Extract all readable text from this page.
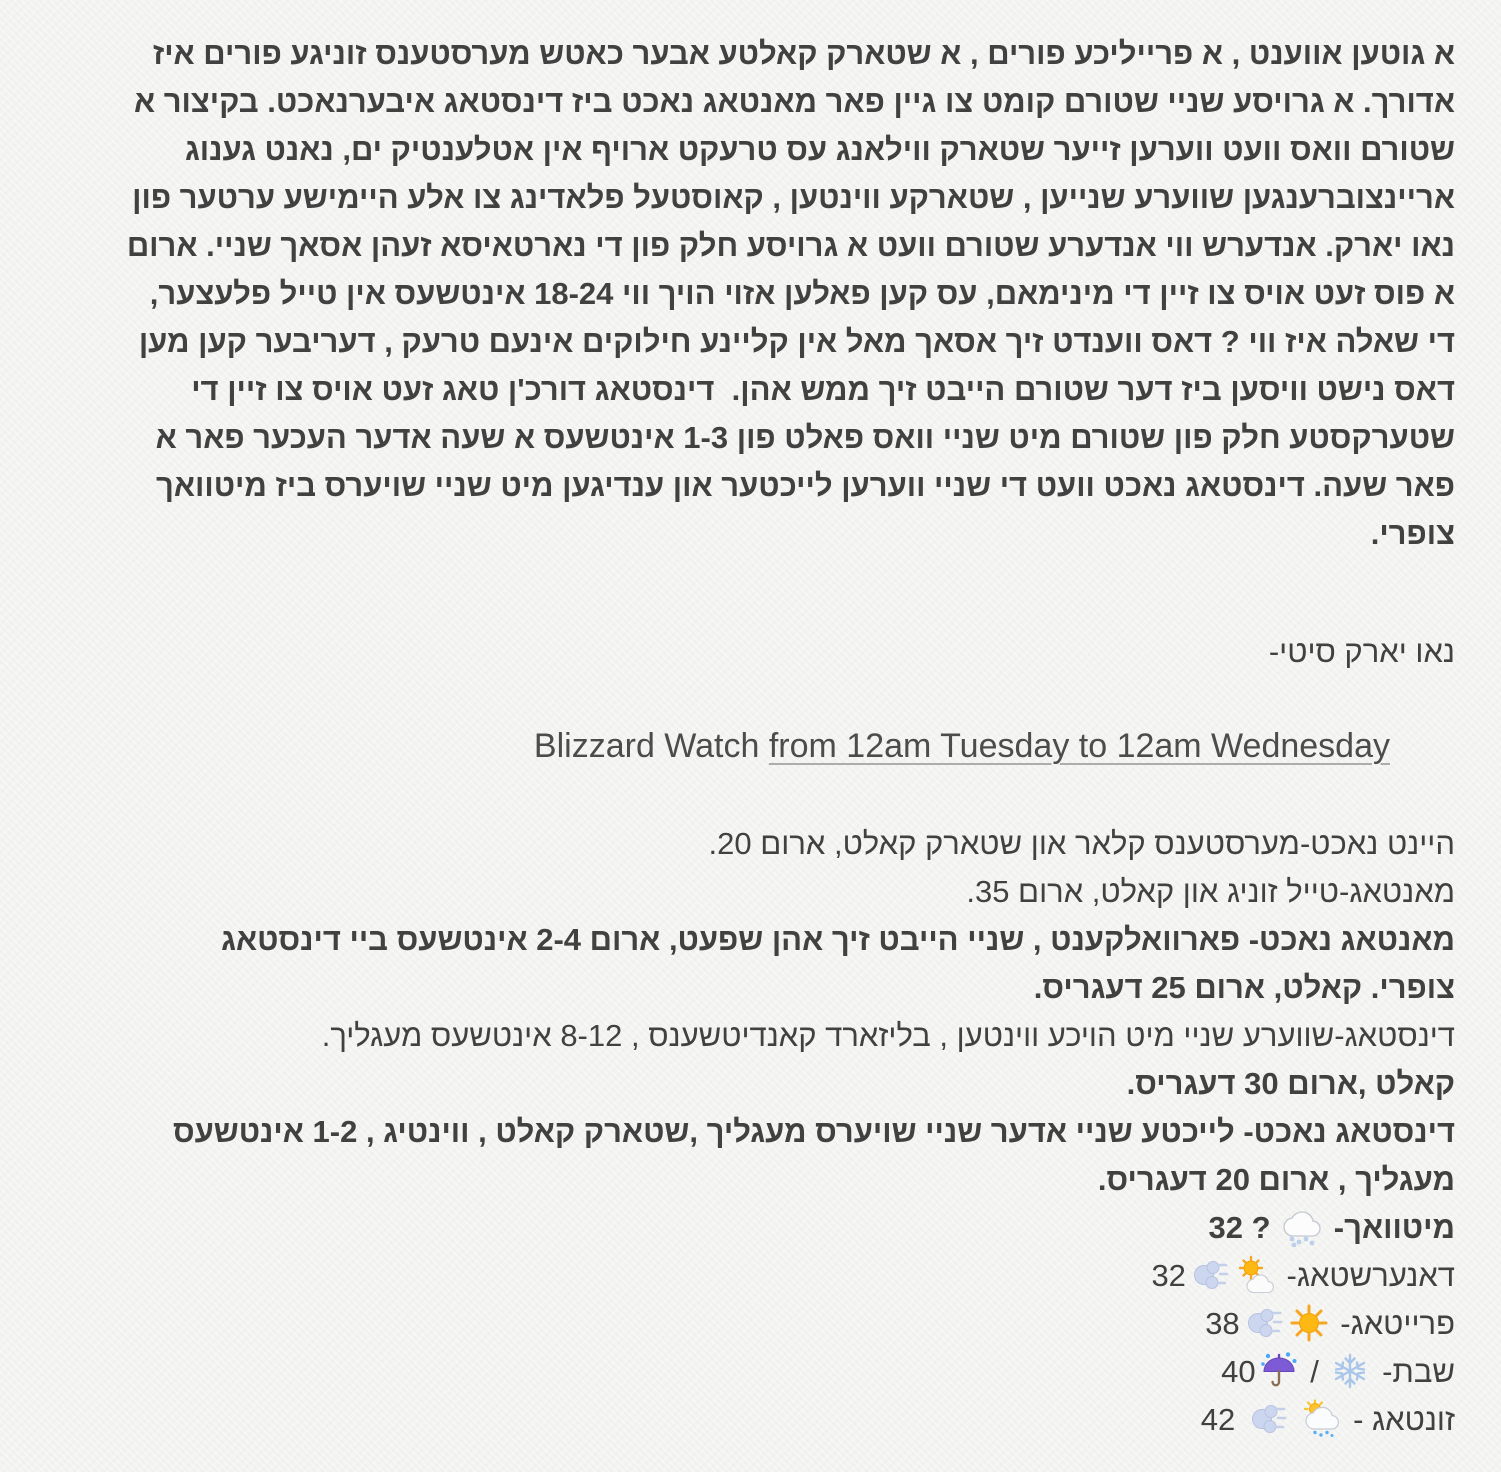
א גוטען אווענט , א פרייליכע פורים , א שטארק קאלטע אבער כאטש מערסטענס זוניגע פורים איז
אדורך. א גרויסע שניי שטורם קומט צו גיין פאר מאנטאג נאכט ביז דינסטאג איבערנאכט. בקיצור א
שטורם וואס וועט ווערען זייער שטארק ווילאנג עס טרעקט ארויף אין אטלענטיק ים, נאנט גענוג
אריינצוברענגען שווערע שנייען , שטארקע ווינטען , קאוסטעל פלאדינג צו אלע היימישע ערטער פון
נאו יארק. אנדערש ווי אנדערע שטורם וועט א גרויסע חלק פון די נארטאיסא זעהן אסאך שניי. ארום
א פוס זעט אויס צו זיין די מינימאם, עס קען פאלען אזוי הויך ווי 18-24 אינטשעס אין טייל פלעצער,
די שאלה איז ווי ? דאס ווענדט זיך אסאך מאל אין קליינע חילוקים אינעם טרעק , דעריבער קען מען
דאס נישט וויסען ביז דער שטורם הייבט זיך ממש אהן.  דינסטאג דורכ'ן טאג זעט אויס צו זיין די
שטערקסטע חלק פון שטורם מיט שניי וואס פאלט פון 1-3 אינטשעס א שעה אדער העכער פאר א
פאר שעה. דינסטאג נאכט וועט די שניי ווערען לייכטער און ענדיגען מיט שניי שויערס ביז מיטוואך
צופרי.
נאו יארק סיטי-
Blizzard Watch from 12am Tuesday to 12am Wednesday
היינט נאכט-מערסטענס קלאר און שטארק קאלט, ארום 20.
מאנטאג-טייל זוניג און קאלט, ארום 35.
מאנטאג נאכט- פארוואלקענט , שניי הייבט זיך אהן שפעט, ארום 2-4 אינטשעס ביי דינסטאג
צופרי. קאלט, ארום 25 דעגריס.
דינסטאג-שווערע שניי מיט הויכע ווינטען , בליזארד קאנדיטשענס , 8-12 אינטשעס מעגליך.
קאלט ,ארום 30 דעגריס.
דינסטאג נאכט- לייכטע שניי אדער שניי שויערס מעגליך ,שטארק קאלט , ווינטיג , 1-2 אינטשעס
מעגליך , ארום 20 דעגריס.
מיטוואך-
? 32
דאנערשטאג-
32
פרייטאג-
38
שבת-
/
40
זונטאג -

42
